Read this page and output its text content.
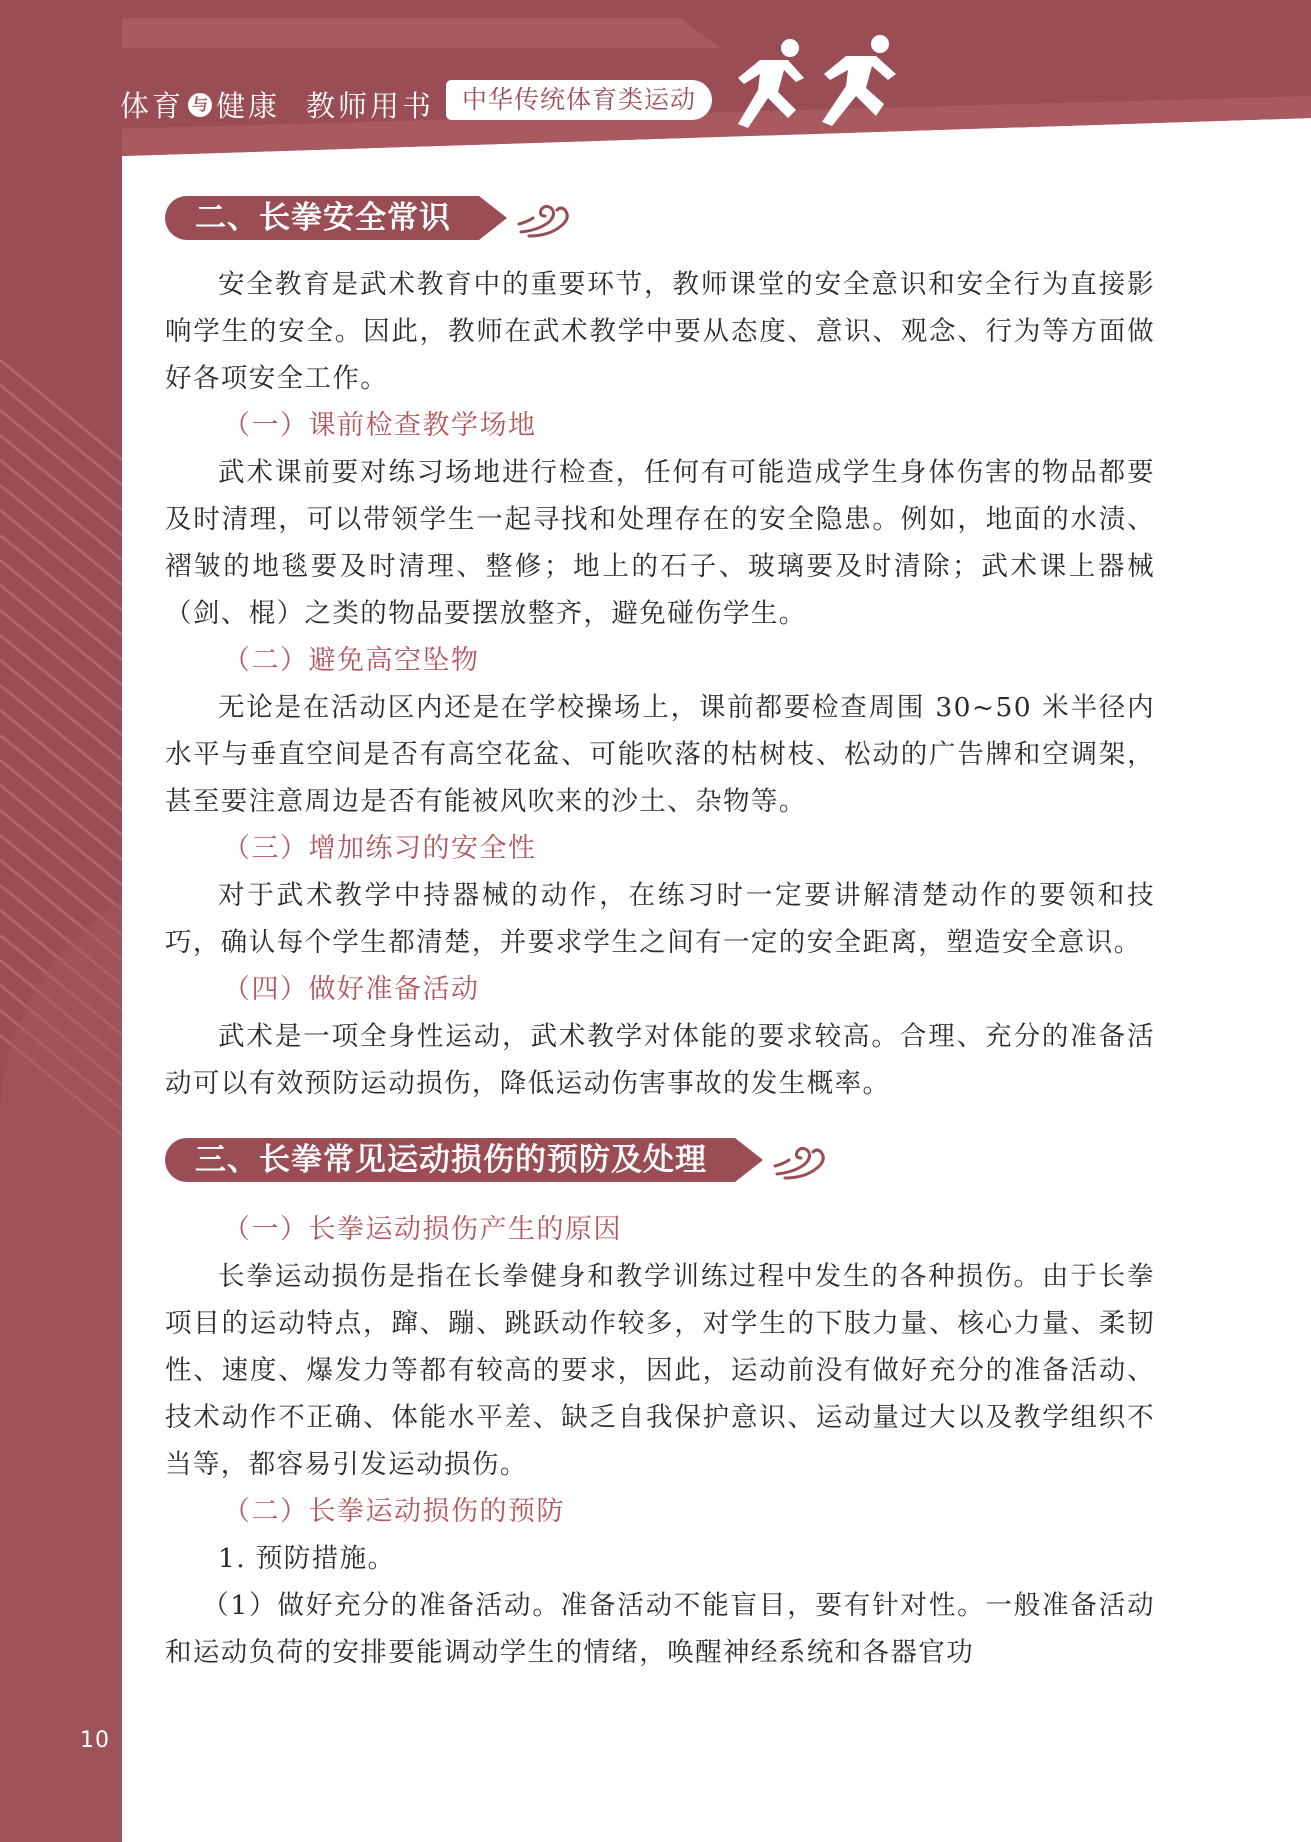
体育 与 健康 教师用书	中华传统体育类运动
二、长拳安全常识

安全教育是武术教育中的重要环节，教师课堂的安全意识和安全行为直接影响学生的安全。因此，教师在武术教学中要从态度、意识、观念、行为等方面做好各项安全工作。

（一）课前检查教学场地

武术课前要对练习场地进行检查，任何有可能造成学生身体伤害的物品都要及时清理，可以带领学生一起寻找和处理存在的安全隐患。例如，地面的水渍、褶皱的地毯要及时清理、整修；地上的石子、玻璃要及时清除；武术课上器械（剑、棍）之类的物品要摆放整齐，避免碰伤学生。

（二）避免高空坠物

无论是在活动区内还是在学校操场上，课前都要检查周围 30~50 米半径内水平与垂直空间是否有高空花盆、可能吹落的枯树枝、松动的广告牌和空调架，甚至要注意周边是否有能被风吹来的沙土、杂物等。

（三）增加练习的安全性

对于武术教学中持器械的动作，在练习时一定要讲解清楚动作的要领和技巧，确认每个学生都清楚，并要求学生之间有一定的安全距离，塑造安全意识。

（四）做好准备活动

武术是一项全身性运动，武术教学对体能的要求较高。合理、充分的准备活动可以有效预防运动损伤，降低运动伤害事故的发生概率。

三、长拳常见运动损伤的预防及处理
（一）长拳运动损伤产生的原因

长拳运动损伤是指在长拳健身和教学训练过程中发生的各种损伤。由于长拳项目的运动特点，蹿、蹦、跳跃动作较多，对学生的下肢力量、核心力量、柔韧性、速度、爆发力等都有较高的要求，因此，运动前没有做好充分的准备活动、技术动作不正确、体能水平差、缺乏自我保护意识、运动量过大以及教学组织不当等，都容易引发运动损伤。

（二）长拳运动损伤的预防

1. 预防措施。

（1）做好充分的准备活动。准备活动不能盲目，要有针对性。一般准备活动和运动负荷的安排要能调动学生的情绪，唤醒神经系统和各器官功

10
